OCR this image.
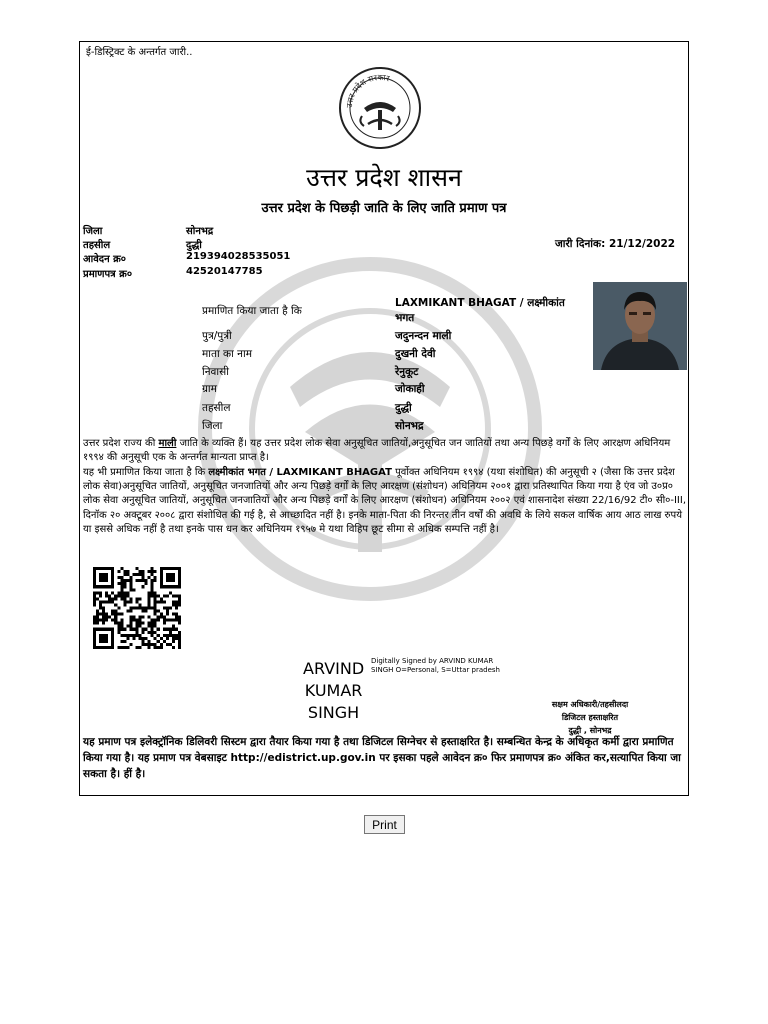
ई-डिस्ट्रिक्ट के अन्तर्गत जारी..
उत्तर प्रदेश सरकार
उत्तर प्रदेश शासन
उत्तर प्रदेश के पिछड़ी जाति के लिए जाति प्रमाण पत्र
जिला	सोनभद्र
तहसील	दुद्धी
आवेदन क्र०	219394028535051
प्रमाणपत्र क्र०	42520147785
जारी दिनांक: 21/12/2022
प्रमाणित किया जाता है कि
LAXMIKANT BHAGAT / लक्ष्मीकांत भगत
पुत्र/पुत्री	जदुनन्दन माली
माता का नाम	दुखनी देवी
निवासी	रेनुकूट
ग्राम	जोकाही
तहसील	दुद्धी
जिला	सोनभद्र
उत्तर प्रदेश राज्य की माली जाति के व्यक्ति हैं। यह उत्तर प्रदेश लोक सेवा अनुसूचित जातियों,अनुसूचित जन जातियों तथा अन्य पिछड़े वर्गों के लिए आरक्षण अधिनियम १९९४ की अनुसूची एक के अन्तर्गत मान्यता प्राप्त है।
यह भी प्रमाणित किया जाता है कि लक्ष्मीकांत भगत / LAXMIKANT BHAGAT पूर्वोक्त अधिनियम १९९४ (यथा संशोधित) की अनुसूची २ (जैसा कि उत्तर प्रदेश लोक सेवा)अनुसूचित जातियों, अनुसूचित जनजातियों और अन्य पिछड़े वर्गों के लिए आरक्षण (संशोधन) अधिनियम २००१ द्वारा प्रतिस्थापित किया गया है एंव जो उ०प्र० लोक सेवा अनुसूचित जातियों, अनुसूचित जनजातियों और अन्य पिछड़े वर्गों के लिए आरक्षण (संशोधन) अधिनियम २००२ एवं शासनादेश संख्या 22/16/92 टी० सी०-III, दिनॉक २० अक्टूबर २००८ द्वारा संशोधित की गई है, से आच्छादित नहीं है। इनके माता-पिता की निरन्तर तीन वर्षों की अवधि के लिये सकल वार्षिक आय आठ लाख रुपये या इससे अधिक नहीं है तथा इनके पास धन कर अधिनियम १९५७ मे यथा विहिप छूट सीमा से अधिक सम्पत्ति नहीं है।
ARVIND
KUMAR
SINGH
Digitally Signed by ARVIND KUMAR SINGH O=Personal, S=Uttar pradesh
सक्षम अधिकारी/तहसीलदा
डिजिटल हस्ताक्षरित
दुद्धी , सोनभद्र
यह प्रमाण पत्र इलेक्ट्रॉनिक डिलिवरी सिस्टम द्वारा तैयार किया गया है तथा डिजिटल सिग्नेचर से हस्ताक्षरित है। सम्बन्धित केन्द्र के अधिकृत कर्मी द्वारा प्रमाणित किया गया है। यह प्रमाण पत्र वेबसाइट http://edistrict.up.gov.in पर इसका पहले आवेदन क्र० फिर प्रमाणपत्र क्र० अंकित कर,सत्यापित किया जा सकता है। हीं है।
Print
